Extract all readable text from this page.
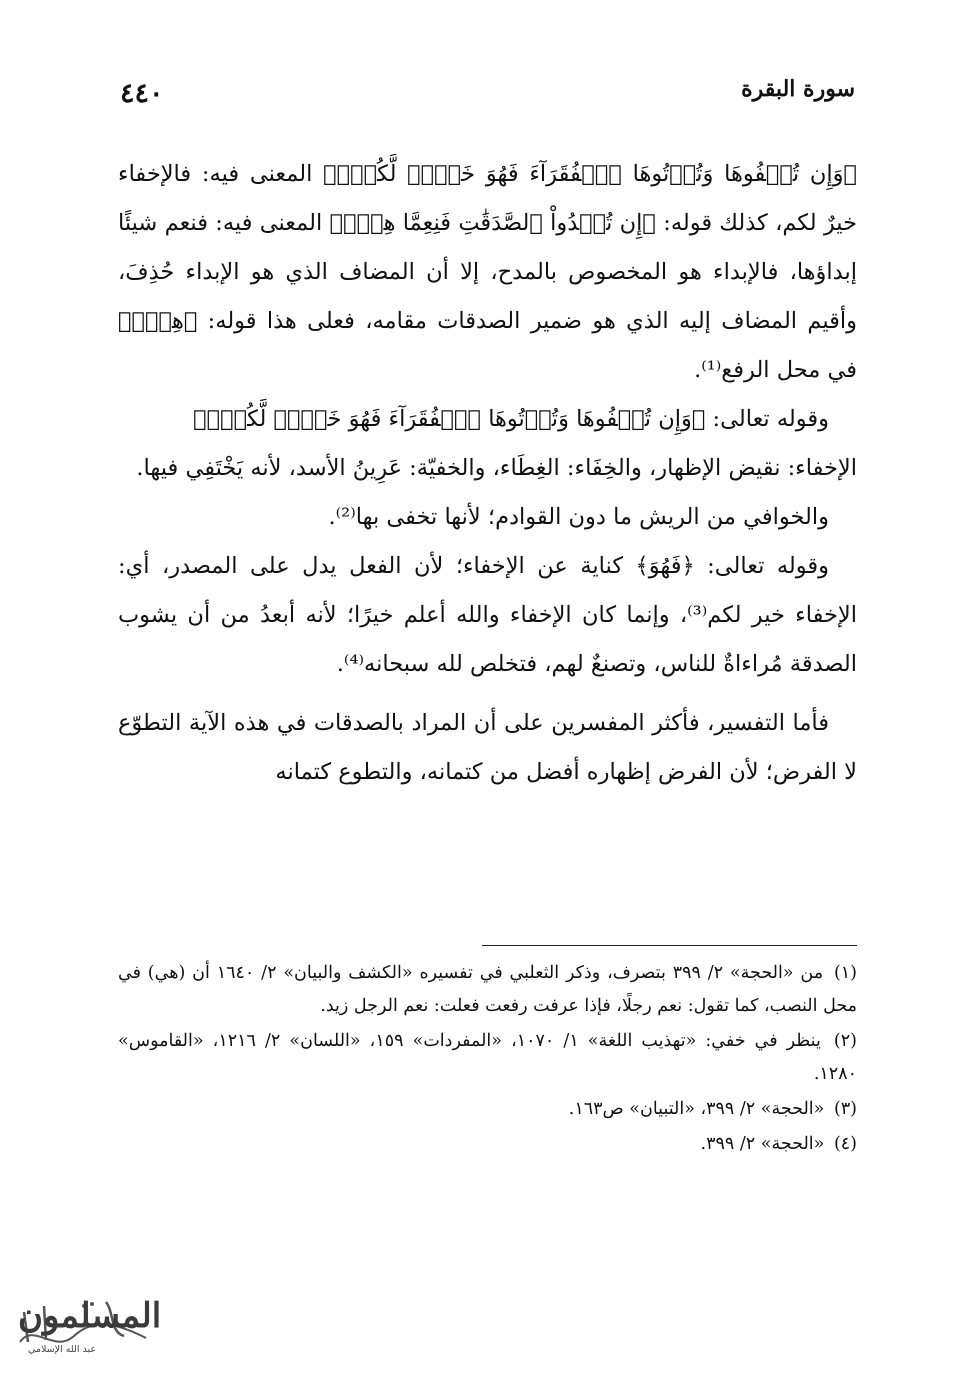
سورة البقرة
٤٤٠

﴿وَإِن تُخۡفُوهَا وَتُؤۡتُوهَا ٱلۡفُقَرَآءَ فَهُوَ خَيۡرٞ لَّكُمۡۚ﴾ المعنى فيه: فالإخفاء خيرٌ لكم، كذلك قوله: ﴿إِن تُبۡدُواْ ٱلصَّدَقَٰتِ فَنِعِمَّا هِيَۖ﴾ المعنى فيه: فنعم شيئًا إبداؤها، فالإبداء هو المخصوص بالمدح، إلا أن المضاف الذي هو الإبداء حُذِفَ، وأقيم المضاف إليه الذي هو ضمير الصدقات مقامه، فعلى هذا قوله: ﴿هِيَۖ﴾ في محل الرفع⁽¹⁾.

وقوله تعالى: ﴿وَإِن تُخۡفُوهَا وَتُؤۡتُوهَا ٱلۡفُقَرَآءَ فَهُوَ خَيۡرٞ لَّكُمۡۚ﴾

الإخفاء: نقيض الإظهار، والخِفَاء: الغِطَاء، والخفيّة: عَرِينُ الأسد، لأنه يَخْتَفِي فيها.

والخوافي من الريش ما دون القوادم؛ لأنها تخفى بها⁽²⁾.

وقوله تعالى: ﴿فَهُوَ﴾ كناية عن الإخفاء؛ لأن الفعل يدل على المصدر، أي: الإخفاء خير لكم⁽³⁾، وإنما كان الإخفاء والله أعلم خيرًا؛ لأنه أبعدُ من أن يشوب الصدقة مُراءاةٌ للناس، وتصنعٌ لهم، فتخلص لله سبحانه⁽⁴⁾.

فأما التفسير، فأكثر المفسرين على أن المراد بالصدقات في هذه الآية التطوّع لا الفرض؛ لأن الفرض إظهاره أفضل من كتمانه، والتطوع كتمانه

(١) من «الحجة» ٢/ ٣٩٩ بتصرف، وذكر الثعلبي في تفسيره «الكشف والبيان» ٢/ ١٦٤٠ أن (هي) في محل النصب، كما تقول: نعم رجلًا، فإذا عرفت رفعت فعلت: نعم الرجل زيد.

(٢) ينظر في خفي: «تهذيب اللغة» ١/ ١٠٧٠، «المفردات» ١٥٩، «اللسان» ٢/ ١٢١٦، «القاموس» ١٢٨٠.

(٣) «الحجة» ٢/ ٣٩٩، «التبيان» ص١٦٣.

(٤) «الحجة» ٢/ ٣٩٩.

المسلمون
عبد الله الإسلامي
